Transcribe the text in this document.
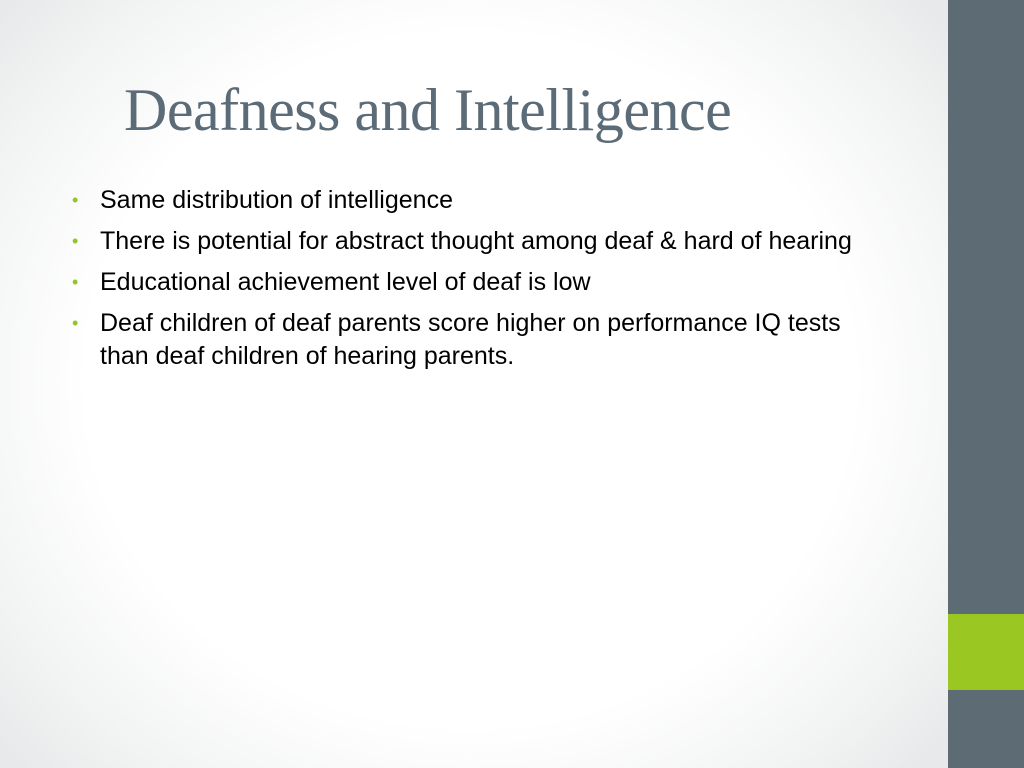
Deafness and Intelligence
• Same distribution of intelligence
• There is potential for abstract thought among deaf & hard of hearing
• Educational achievement level of deaf is low
• Deaf children of deaf parents score higher on performance IQ tests than deaf children of hearing parents.
